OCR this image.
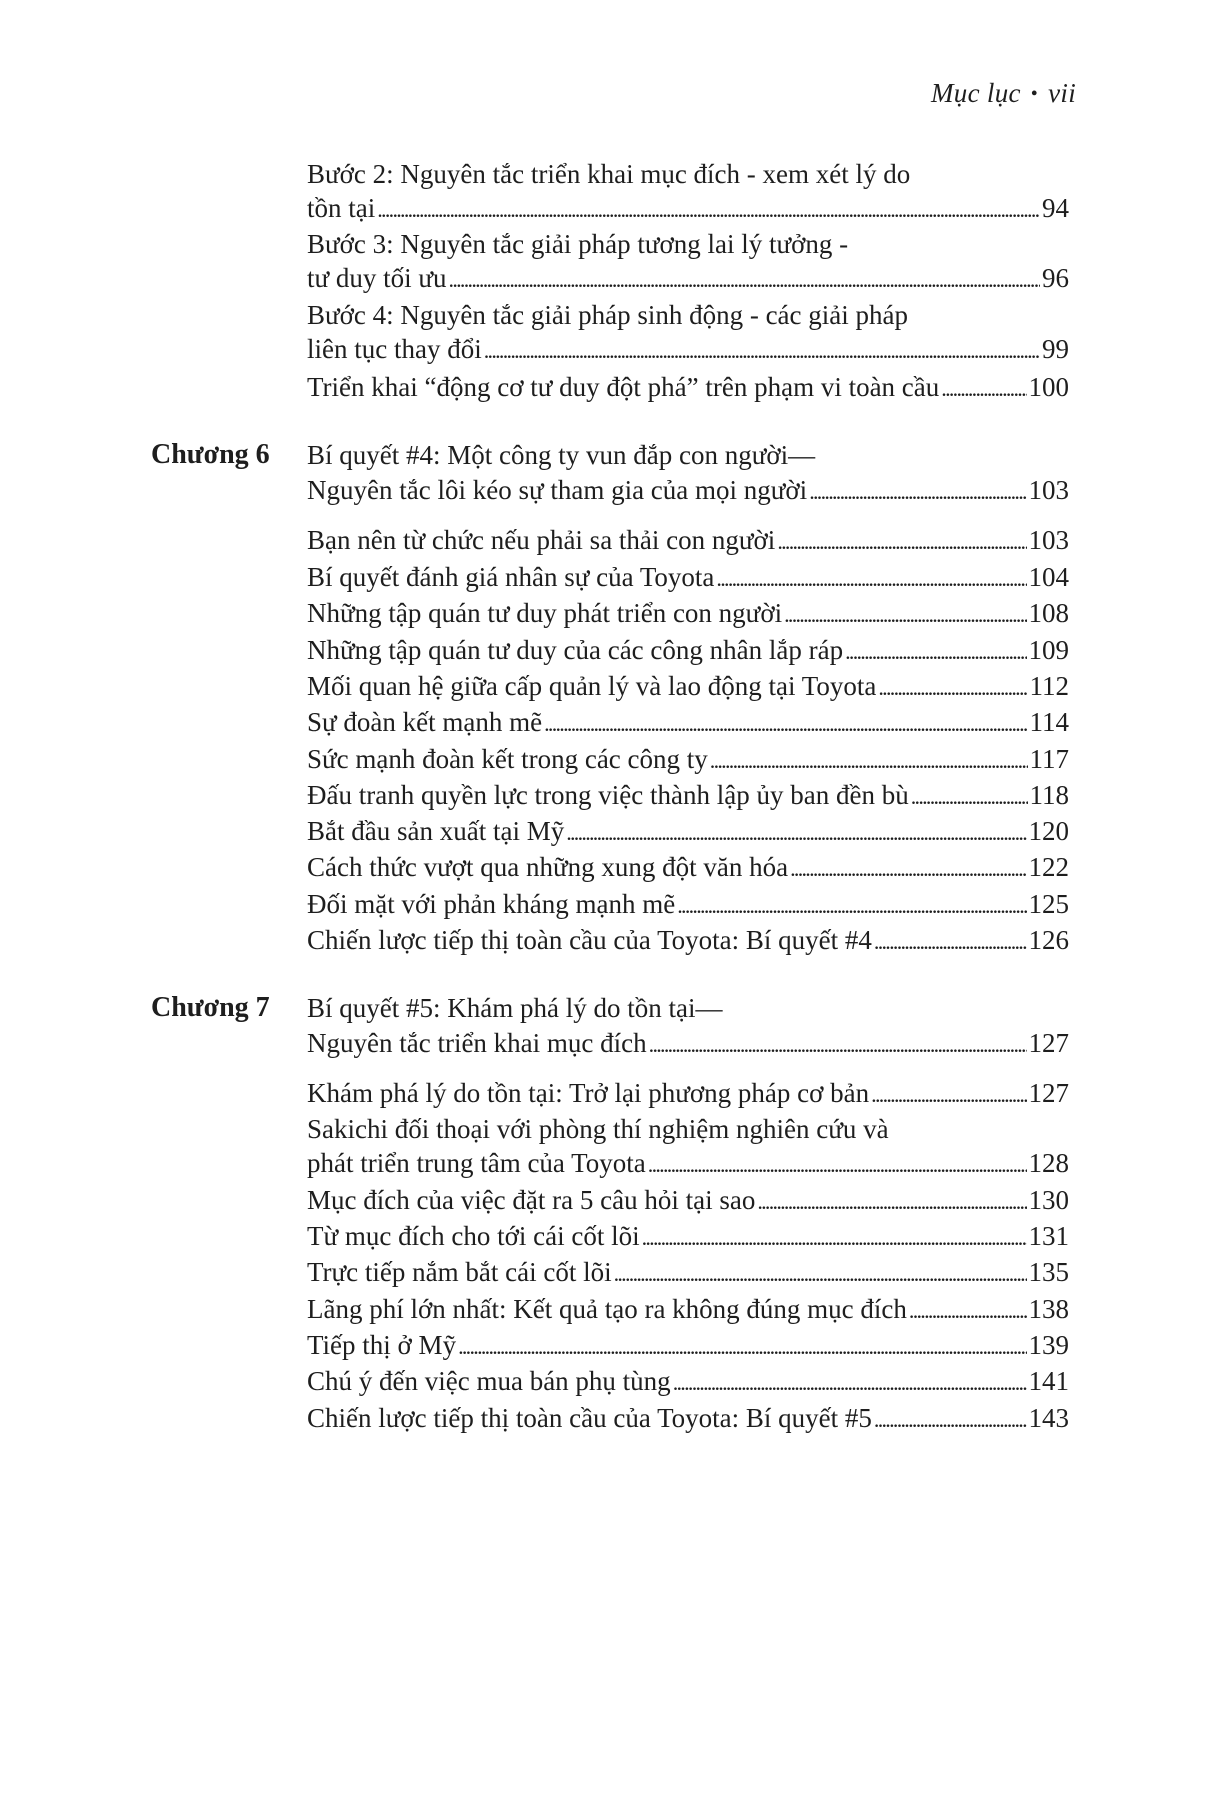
Mục lục • vii
Bước 2: Nguyên tắc triển khai mục đích - xem xét lý do
tồn tại . . .	94
Bước 3: Nguyên tắc giải pháp tương lai lý tưởng -
tư duy tối ưu . . .	96
Bước 4: Nguyên tắc giải pháp sinh động - các giải pháp
liên tục thay đổi . . .	99
Triển khai “động cơ tư duy đột phá” trên phạm vi toàn cầu . . .	100
Chương 6 Bí quyết #4: Một công ty vun đắp con người—
Nguyên tắc lôi kéo sự tham gia của mọi người . . .	103
Bạn nên từ chức nếu phải sa thải con người . . .	103
Bí quyết đánh giá nhân sự của Toyota . . .	104
Những tập quán tư duy phát triển con người . . .	108
Những tập quán tư duy của các công nhân lắp ráp . . .	109
Mối quan hệ giữa cấp quản lý và lao động tại Toyota . . .	112
Sự đoàn kết mạnh mẽ . . .	114
Sức mạnh đoàn kết trong các công ty . . .	117
Đấu tranh quyền lực trong việc thành lập ủy ban đền bù . . .	118
Bắt đầu sản xuất tại Mỹ . . .	120
Cách thức vượt qua những xung đột văn hóa . . .	122
Đối mặt với phản kháng mạnh mẽ . . .	125
Chiến lược tiếp thị toàn cầu của Toyota: Bí quyết #4 . . .	126
Chương 7 Bí quyết #5: Khám phá lý do tồn tại—
Nguyên tắc triển khai mục đích . . .	127
Khám phá lý do tồn tại: Trở lại phương pháp cơ bản . . .	127
Sakichi đối thoại với phòng thí nghiệm nghiên cứu và
phát triển trung tâm của Toyota . . .	128
Mục đích của việc đặt ra 5 câu hỏi tại sao . . .	130
Từ mục đích cho tới cái cốt lõi . . .	131
Trực tiếp nắm bắt cái cốt lõi . . .	135
Lãng phí lớn nhất: Kết quả tạo ra không đúng mục đích . . .	138
Tiếp thị ở Mỹ . . .	139
Chú ý đến việc mua bán phụ tùng . . .	141
Chiến lược tiếp thị toàn cầu của Toyota: Bí quyết #5 . . .	143
